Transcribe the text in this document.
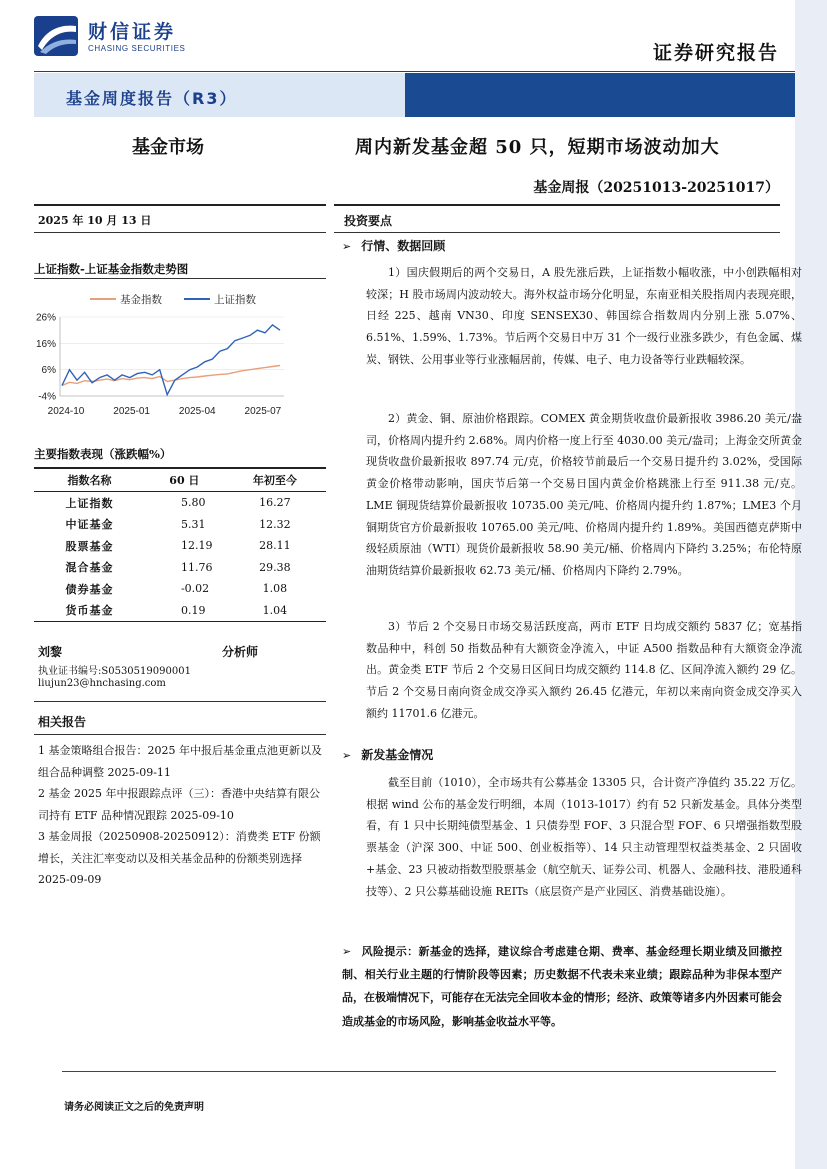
财信证券
CHASING SECURITIES	证券研究报告
基金周度报告（R3）
基金市场	周内新发基金超 50 只，短期市场波动加大
基金周报（20251013-20251017）
2025 年 10 月 13 日
上证指数-上证基金指数走势图
基金指数	上证指数
26%
16%
6%
-4%
2024-10	2025-01	2025-04	2025-07
主要指数表现（涨跌幅%）
指数名称	60 日	年初至今
上证指数	5.80	16.27
中证基金	5.31	12.32
股票基金	12.19	28.11
混合基金	11.76	29.38
债券基金	-0.02	1.08
货币基金	0.19	1.04
刘黎	分析师
执业证书编号:S0530519090001
liujun23@hnchasing.com
相关报告
1 基金策略组合报告：2025 年中报后基金重点池更新以及组合品种调整 2025-09-11
2 基金 2025 年中报跟踪点评（三）：香港中央结算有限公司持有 ETF 品种情况跟踪 2025-09-10
3 基金周报（20250908-20250912）：消费类 ETF 份额增长，关注汇率变动以及相关基金品种的份额类别选择 2025-09-09
投资要点
➢ 行情、数据回顾
1）国庆假期后的两个交易日，A 股先涨后跌，上证指数小幅收涨，中小创跌幅相对较深；H 股市场周内波动较大。海外权益市场分化明显，东南亚相关股指周内表现亮眼，日经 225、越南 VN30、印度 SENSEX30、韩国综合指数周内分别上涨 5.07%、6.51%、1.59%、1.73%。节后两个交易日中万 31 个一级行业涨多跌少，有色金属、煤炭、钢铁、公用事业等行业涨幅居前，传媒、电子、电力设备等行业跌幅较深。
2）黄金、铜、原油价格跟踪。COMEX 黄金期货收盘价最新报收 3986.20 美元/盎司，价格周内提升约 2.68%。周内价格一度上行至 4030.00 美元/盎司；上海金交所黄金现货收盘价最新报收 897.74 元/克，价格较节前最后一个交易日提升约 3.02%，受国际黄金价格带动影响，国庆节后第一个交易日国内黄金价格跳涨上行至 911.38 元/克。LME 铜现货结算价最新报收 10735.00 美元/吨、价格周内提升约 1.87%；LME3 个月铜期货官方价最新报收 10765.00 美元/吨、价格周内提升约 1.89%。美国西德克萨斯中级轻质原油（WTI）现货价最新报收 58.90 美元/桶、价格周内下降约 3.25%；布伦特原油期货结算价最新报收 62.73 美元/桶、价格周内下降约 2.79%。
3）节后 2 个交易日市场交易活跃度高，两市 ETF 日均成交额约 5837 亿；宽基指数品种中，科创 50 指数品种有大额资金净流入，中证 A500 指数品种有大额资金净流出。黄金类 ETF 节后 2 个交易日区间日均成交额约 114.8 亿、区间净流入额约 29 亿。节后 2 个交易日南向资金成交净买入额约 26.45 亿港元，年初以来南向资金成交净买入额约 11701.6 亿港元。
➢ 新发基金情况
截至目前（1010），全市场共有公募基金 13305 只，合计资产净值约 35.22 万亿。根据 wind 公布的基金发行明细，本周（1013-1017）约有 52 只新发基金。具体分类型看，有 1 只中长期纯债型基金、1 只债券型 FOF、3 只混合型 FOF、6 只增强指数型股票基金（沪深 300、中证 500、创业板指等）、14 只主动管理型权益类基金、2 只固收+基金、23 只被动指数型股票基金（航空航天、证券公司、机器人、金融科技、港股通科技等）、2 只公募基础设施 REITs（底层资产是产业园区、消费基础设施）。
➢ 风险提示：新基金的选择，建议综合考虑建仓期、费率、基金经理长期业绩及回撤控制、相关行业主题的行情阶段等因素；历史数据不代表未来业绩；跟踪品种为非保本型产品，在极端情况下，可能存在无法完全回收本金的情形；经济、政策等诸多内外因素可能会造成基金的市场风险，影响基金收益水平等。
请务必阅读正文之后的免责声明
